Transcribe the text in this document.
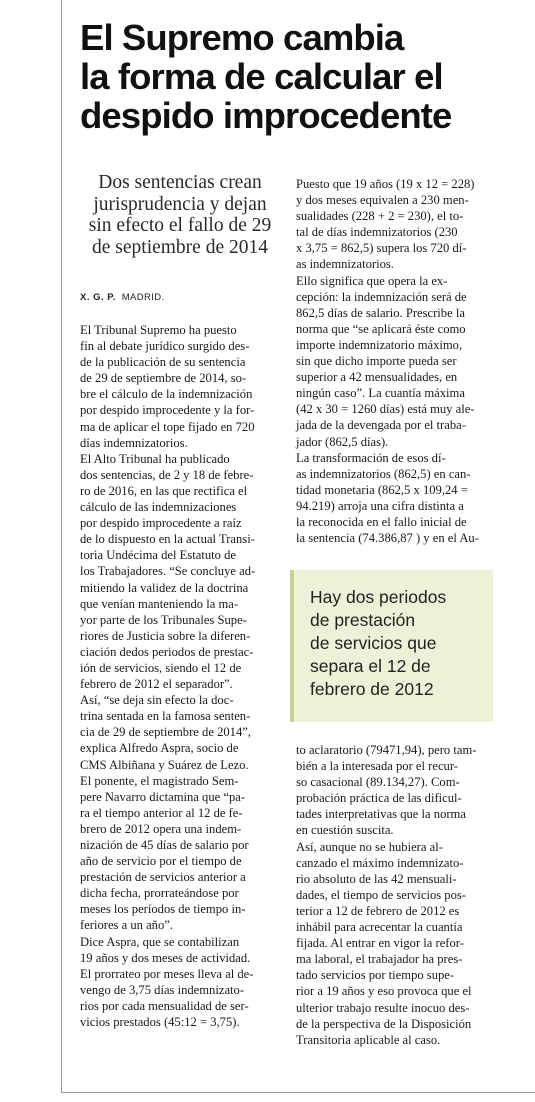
El Supremo cambia
la forma de calcular el
despido improcedente
Dos sentencias crean
jurisprudencia y dejan
sin efecto el fallo de 29
de septiembre de 2014
X. G. P. MADRID.
El Tribunal Supremo ha puesto
fin al debate jurídico surgido des-
de la publicación de su sentencia
de 29 de septiembre de 2014, so-
bre el cálculo de la indemnización
por despido improcedente y la for-
ma de aplicar el tope fijado en 720
días indemnizatorios.
El Alto Tribunal ha publicado
dos sentencias, de 2 y 18 de febre-
ro de 2016, en las que rectifica el
cálculo de las indemnizaciones
por despido improcedente a raíz
de lo dispuesto en la actual Transi-
toria Undécima del Estatuto de
los Trabajadores. “Se concluye ad-
mitiendo la validez de la doctrina
que venían manteniendo la ma-
yor parte de los Tribunales Supe-
riores de Justicia sobre la diferen-
ciación dedos periodos de prestac-
ión de servicios, siendo el 12 de
febrero de 2012 el separador”.
Así, “se deja sin efecto la doc-
trina sentada en la famosa senten-
cia de 29 de septiembre de 2014”,
explica Alfredo Aspra, socio de
CMS Albiñana y Suárez de Lezo.
El ponente, el magistrado Sem-
pere Navarro dictamina que “pa-
ra el tiempo anterior al 12 de fe-
brero de 2012 opera una indem-
nización de 45 días de salario por
año de servicio por el tiempo de
prestación de servicios anterior a
dicha fecha, prorrateándose por
meses los períodos de tiempo in-
feriores a un año”.
Dice Aspra, que se contabilizan
19 años y dos meses de actividad.
El prorrateo por meses lleva al de-
vengo de 3,75 días indemnizato-
rios por cada mensualidad de ser-
vicios prestados (45:12 = 3,75).
Puesto que 19 años (19 x 12 = 228)
y dos meses equivalen a 230 men-
sualidades (228 + 2 = 230), el to-
tal de días indemnizatorios (230
x 3,75 = 862,5) supera los 720 dí-
as indemnizatorios.
Ello significa que opera la ex-
cepción: la indemnización será de
862,5 días de salario. Prescribe la
norma que “se aplicará éste como
importe indemnizatorio máximo,
sin que dicho importe pueda ser
superior a 42 mensualidades, en
ningún caso”. La cuantía máxima
(42 x 30 = 1260 días) está muy ale-
jada de la devengada por el traba-
jador (862,5 días).
La transformación de esos dí-
as indemnizatorios (862,5) en can-
tidad monetaria (862,5 x 109,24 =
94.219) arroja una cifra distinta a
la reconocida en el fallo inicial de
la sentencia (74.386,87 ) y en el Au-
Hay dos periodos
de prestación
de servicios que
separa el 12 de
febrero de 2012
to aclaratorio (79471,94), pero tam-
bién a la interesada por el recur-
so casacional (89.134,27). Com-
probación práctica de las dificul-
tades interpretativas que la norma
en cuestión suscita.
Así, aunque no se hubiera al-
canzado el máximo indemnizato-
rio absoluto de las 42 mensuali-
dades, el tiempo de servicios pos-
terior a 12 de febrero de 2012 es
inhábil para acrecentar la cuantía
fijada. Al entrar en vigor la refor-
ma laboral, el trabajador ha pres-
tado servicios por tiempo supe-
rior a 19 años y eso provoca que el
ulterior trabajo resulte inocuo des-
de la perspectiva de la Disposición
Transitoria aplicable al caso.
